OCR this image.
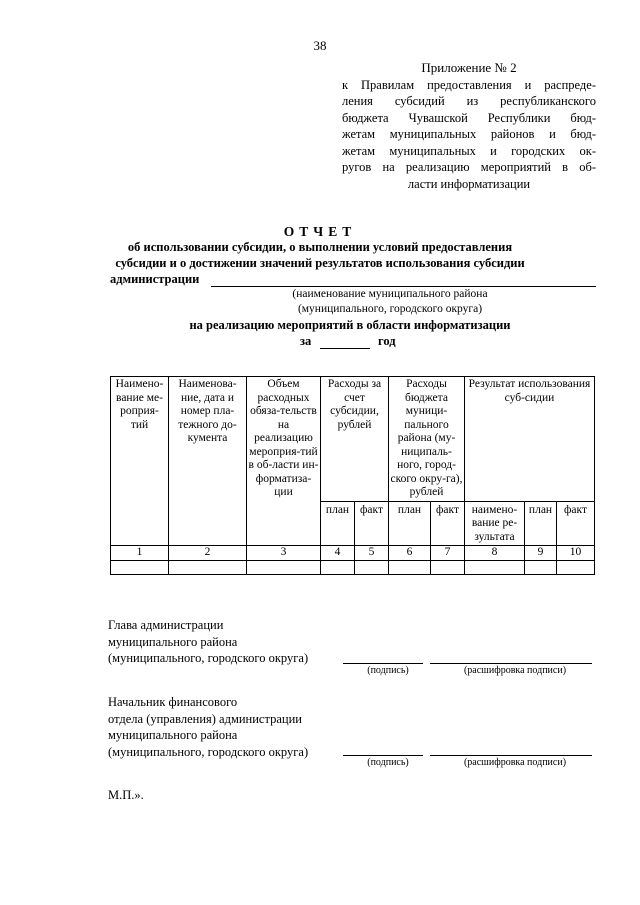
38
Приложение № 2
к Правилам предоставления и распреде-
ления субсидий из республиканского
бюджета Чувашской Республики бюд-
жетам муниципальных районов и бюд-
жетам муниципальных и городских ок-
ругов на реализацию мероприятий в об-
ласти информатизации
ОТЧЕТ
об использовании субсидии, о выполнении условий предоставления
субсидии и о достижении значений результатов использования субсидии
администрации
(наименование муниципального района
(муниципального, городского округа)
на реализацию мероприятий в области информатизации
за	год
Наимено-вание ме-роприя-тий	Наименова-ние, дата и номер пла-тежного до-кумента	Объем расходных обяза-тельств на реализацию мероприя-тий в об-ласти ин-форматиза-ции	Расходы за счет субсидии, рублей		Расходы бюджета муници-пального района (му-ниципаль-ного, город-ского окру-га), рублей		Результат использования суб-сидии		
			план	факт	план	факт	наимено-вание ре-зультата	план	факт
1	2	3	4	5	6	7	8	9	10

Глава администрации
муниципального района
(муниципального, городского округа)
(подпись)	(расшифровка подписи)
Начальник финансового
отдела (управления) администрации
муниципального района
(муниципального, городского округа)
(подпись)	(расшифровка подписи)
М.П.».
